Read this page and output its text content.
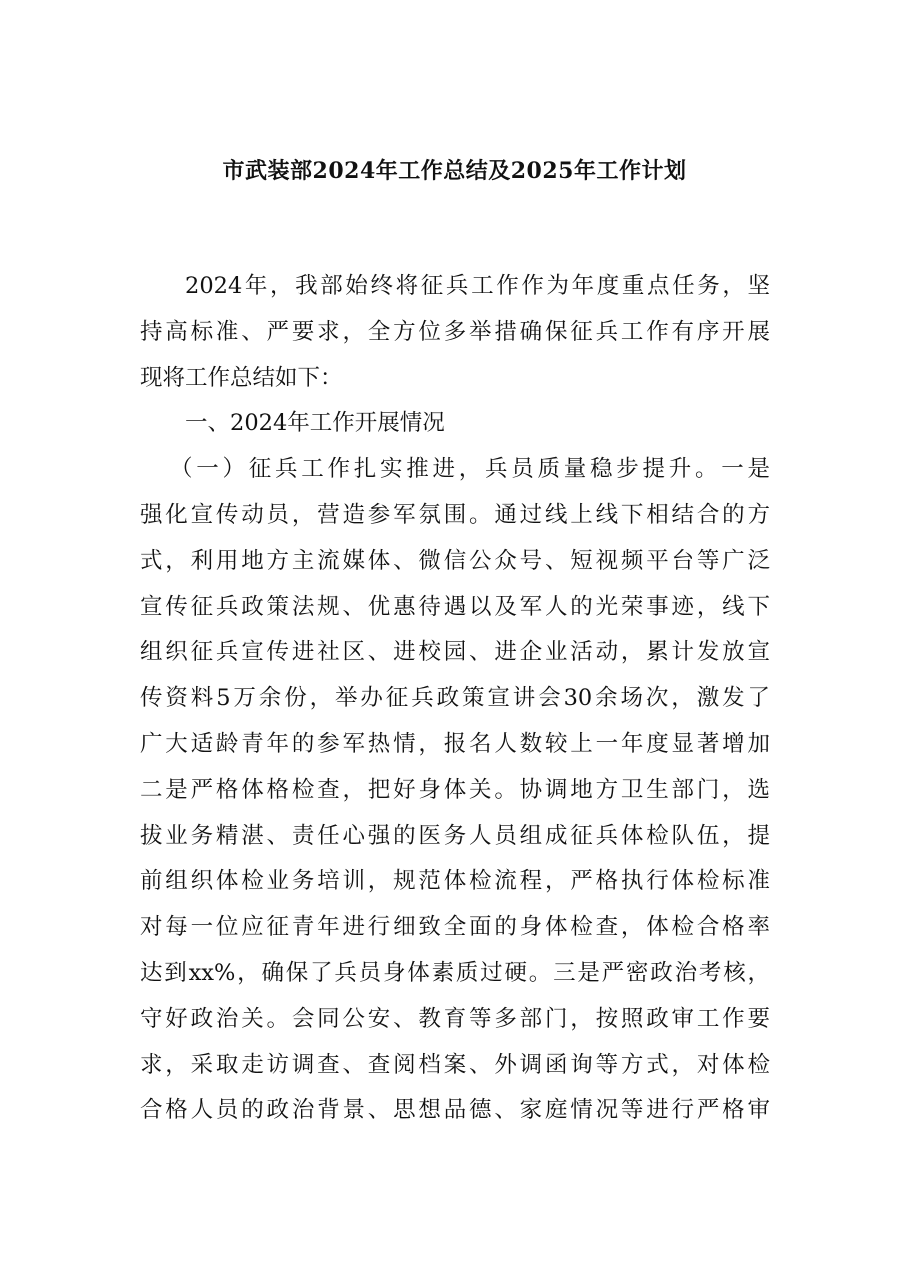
市武装部2024年工作总结及2025年工作计划
2024年，我部始终将征兵工作作为年度重点任务，坚
持高标准、严要求，全方位多举措确保征兵工作有序开展
现将工作总结如下：
一、2024年工作开展情况
（一）征兵工作扎实推进，兵员质量稳步提升。一是
强化宣传动员，营造参军氛围。通过线上线下相结合的方
式，利用地方主流媒体、微信公众号、短视频平台等广泛
宣传征兵政策法规、优惠待遇以及军人的光荣事迹，线下
组织征兵宣传进社区、进校园、进企业活动，累计发放宣
传资料5万余份，举办征兵政策宣讲会30余场次，激发了
广大适龄青年的参军热情，报名人数较上一年度显著增加
二是严格体格检查，把好身体关。协调地方卫生部门，选
拔业务精湛、责任心强的医务人员组成征兵体检队伍，提
前组织体检业务培训，规范体检流程，严格执行体检标准
对每一位应征青年进行细致全面的身体检查，体检合格率
达到xx%，确保了兵员身体素质过硬。三是严密政治考核，
守好政治关。会同公安、教育等多部门，按照政审工作要
求，采取走访调查、查阅档案、外调函询等方式，对体检
合格人员的政治背景、思想品德、家庭情况等进行严格审
